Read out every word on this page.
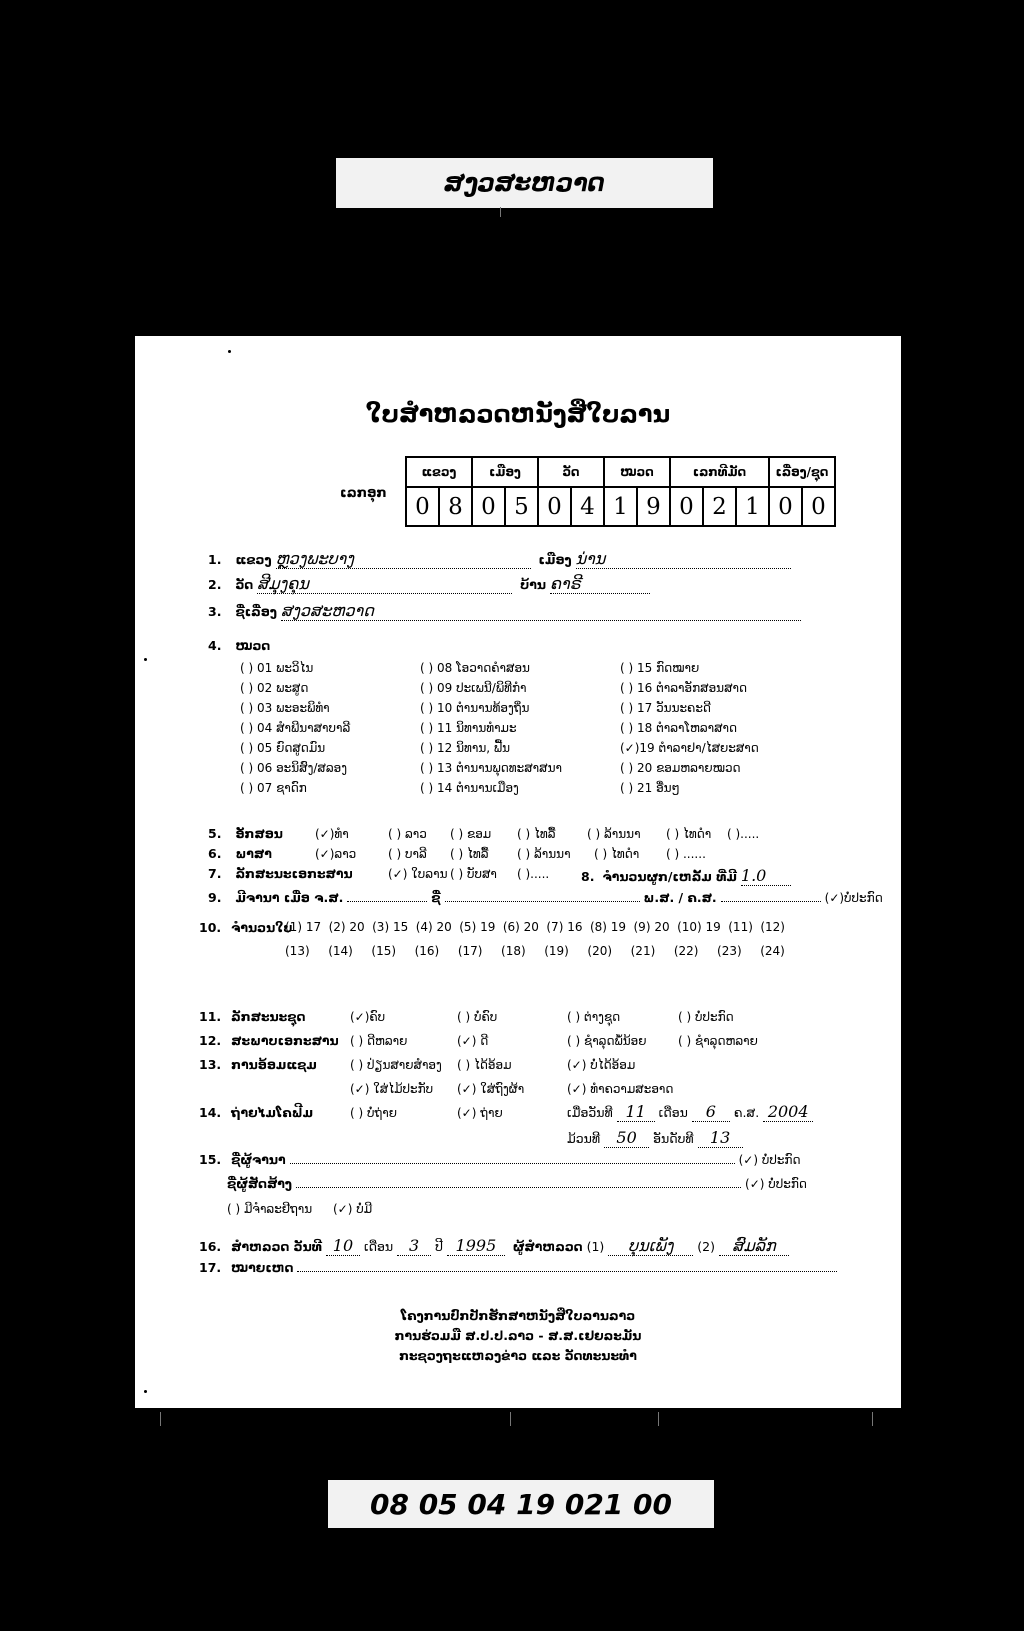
ສງວສະຫວາດ
ໃບສຳຫລວດຫນັງສືໃບລານ
ເລກອຸກ
ແຂວງ		ເມືອງ		ວັດ		ໝວດ		ເລກທີມັດ			ເລື່ອງ/ຊຸດ	
0	8	0	5	0	4	1	9	0	2	1	0	0
1. ແຂວງ ຫຼວງພະບາງ	ເມືອງ ນ່ານ
2. ວັດ ສີມຸງຄຸນ	ບ້ານ ຄາຣີ
3. ຊື່ເລື່ອງ ສງວສະຫວາດ
4. ໝວດ
( ) 01 ພະວິໄນ	( ) 08 ໂອວາດຄຳສອນ	( ) 15 ກົດໝາຍ
( ) 02 ພະສູດ	( ) 09 ປະເພນີ/ພິທີກຳ	( ) 16 ຕຳລາອັກສອນສາດ
( ) 03 ພະອະພິທຳ	( ) 10 ຕຳນານທ້ອງຖິ່ນ	( ) 17 ວັນນະຄະດີ
( ) 04 ສຳພີນາສາບາລີ	( ) 11 ນິທານທຳມະ	( ) 18 ຕຳລາໂຫລາສາດ
( ) 05 ຍົດສູດມົນ	( ) 12 ນິທານ, ຟື້ນ	(✓)19 ຕຳລາຢາ/ໄສຍະສາດ
( ) 06 ອະນິສົງ/ສລອງ	( ) 13 ຕຳນານພຸດທະສາສນາ	( ) 20 ຂອມຫລາຍໝວດ
( ) 07 ຊາດົກ	( ) 14 ຕຳນານເມືອງ	( ) 21 ອື່ນໆ
5. ອັກສອນ	(✓)ທຳ	( ) ລາວ ( ) ຂອມ ( ) ໄທລື້	( ) ລ້ານນາ ( ) ໄທດຳ ( ).....
6. ພາສາ	(✓)ລາວ	( ) ບາລີ ( ) ໄທລື້ ( ) ລ້ານນາ ( ) ໄທດຳ ( ) ......
7. ລັກສະນະເອກະສານ	(✓) ໃບລານ ( ) ບັບສາ ( ).....	8. ຈຳນວນຜູກ/ເຫລັ້ມ ທີ່ມີ 1.0
9. ມີຈານາ ເມື່ອ ຈ.ສ.	ຊື່	ພ.ສ. / ຄ.ສ.	(✓)ບໍ່ປະກົດ
10. ຈຳນວນໃບ
(1) 17 (2) 20 (3) 15 (4) 20 (5) 19 (6) 20 (7) 16 (8) 19 (9) 20 (10) 19 (11) (12)
(13) (14) (15) (16) (17) (18) (19) (20) (21) (22) (23) (24)
11. ລັກສະນະຊຸດ	(✓)ຄົບ	( ) ບໍ່ຄົບ	( ) ຕ່າງຊຸດ	( ) ບໍ່ປະກົດ
12. ສະພາບເອກະສານ ( ) ດີຫລາຍ	(✓) ດີ	( ) ຊຳລຸດພໍ້ນ້ອຍ	( ) ຊຳລຸດຫລາຍ
13. ການອ້ອມແຊມ	( ) ປ່ຽນສາຍສຳອງ ( ) ໄດ້ອ້ອມ	(✓) ບໍ່ໄດ້ອ້ອມ
(✓) ໃສ່ໄມ້ປະກັບ (✓) ໃສ່ຖົງຜ້າ	(✓) ທຳຄວາມສະອາດ
14. ຖ່າຍໄມໂຄຟີມ	( ) ບໍ່ຖ່າຍ	(✓) ຖ່າຍ	ເມື່ອວັນທີ 11 ເດືອນ 6 ຄ.ສ. 2004
ມ້ວນທີ 50 ອັນດັບທີ 13
15. ຊື່ຜູ້ຈານາ	(✓) ບໍ່ປະກົດ
ຊື່ຜູ້ສັດສ້າງ	(✓) ບໍ່ປະກົດ
( ) ມີຈຳລະຢີຖານ (✓) ບໍ່ມີ
16. ສຳຫລວດ ວັນທີ 10 ເດືອນ 3 ປີ 1995 ຜູ້ສຳຫລວດ (1) ບຸນເພັງ (2) ສົມລັກ
17. ໝາຍເຫດ
ໂຄງການປົກປັກຮັກສາຫນັງສືໃບລານລາວ
ການຮ່ວມມື ສ.ປ.ປ.ລາວ - ສ.ສ.ເຢຍລະມັນ
ກະຊວງຖະແຫລງຂ່າວ ແລະ ວັດທະນະທຳ
08 05 04 19 021 00
